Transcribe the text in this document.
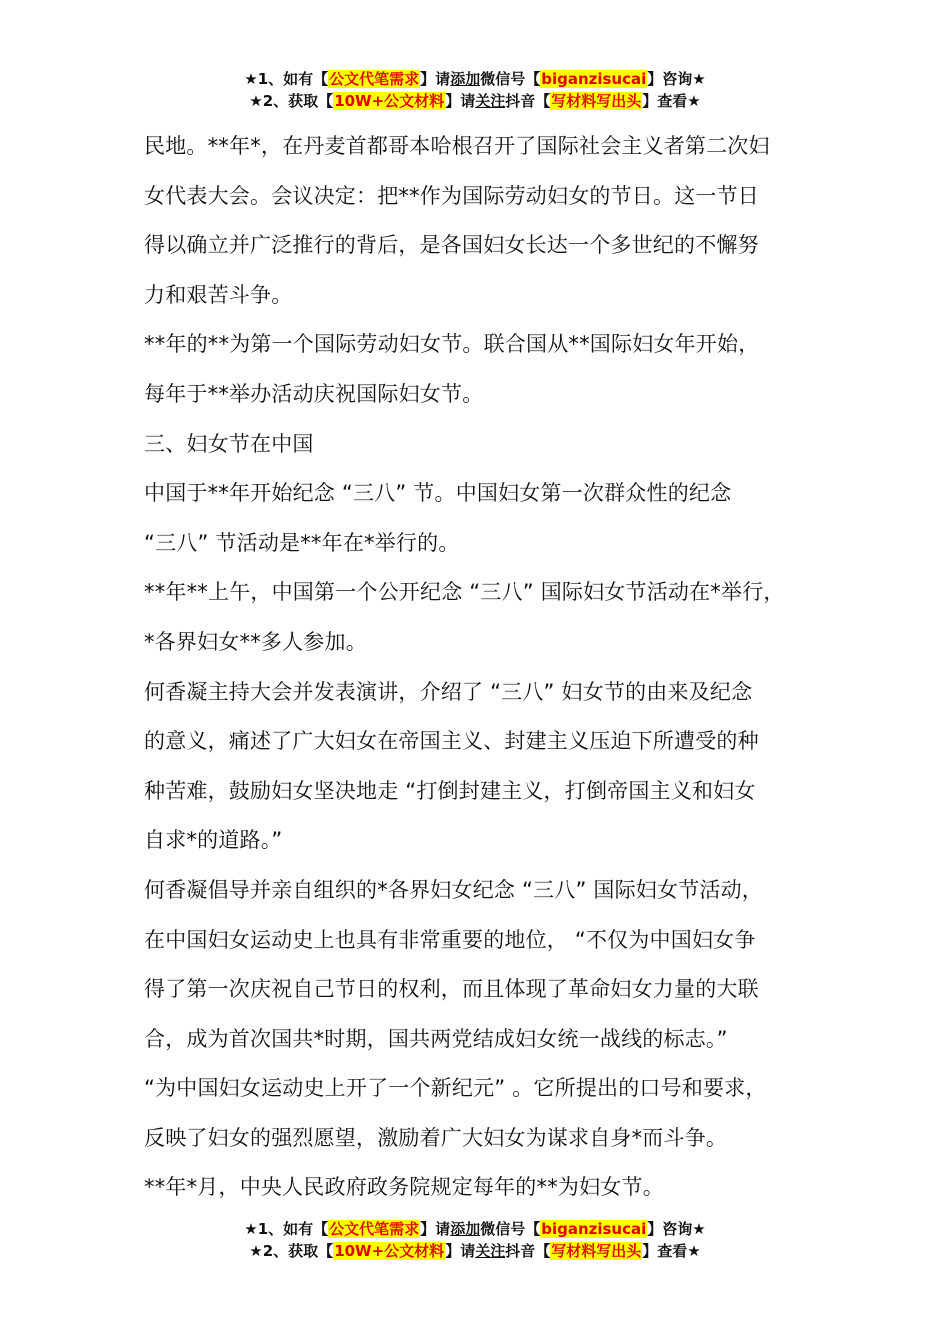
★1、如有【公文代笔需求】请添加微信号【biganzisucai】咨询★
★2、获取【10W+公文材料】请关注抖音【写材料写出头】查看★

民地。**年*，在丹麦首都哥本哈根召开了国际社会主义者第二次妇

女代表大会。会议决定：把**作为国际劳动妇女的节日。这一节日

得以确立并广泛推行的背后，是各国妇女长达一个多世纪的不懈努

力和艰苦斗争。

**年的**为第一个国际劳动妇女节。联合国从**国际妇女年开始，

每年于**举办活动庆祝国际妇女节。

三、妇女节在中国

中国于**年开始纪念 “三八” 节。中国妇女第一次群众性的纪念

“三八” 节活动是**年在*举行的。

**年**上午，中国第一个公开纪念 “三八” 国际妇女节活动在*举行，

*各界妇女**多人参加。

何香凝主持大会并发表演讲，介绍了 “三八” 妇女节的由来及纪念

的意义，痛述了广大妇女在帝国主义、封建主义压迫下所遭受的种

种苦难，鼓励妇女坚决地走 “打倒封建主义，打倒帝国主义和妇女

自求*的道路。”

何香凝倡导并亲自组织的*各界妇女纪念 “三八” 国际妇女节活动，

在中国妇女运动史上也具有非常重要的地位， “不仅为中国妇女争

得了第一次庆祝自己节日的权利，而且体现了革命妇女力量的大联

合，成为首次国共*时期，国共两党结成妇女统一战线的标志。”

“为中国妇女运动史上开了一个新纪元” 。它所提出的口号和要求，

反映了妇女的强烈愿望，激励着广大妇女为谋求自身*而斗争。

**年*月，中央人民政府政务院规定每年的**为妇女节。

★1、如有【公文代笔需求】请添加微信号【biganzisucai】咨询★
★2、获取【10W+公文材料】请关注抖音【写材料写出头】查看★
